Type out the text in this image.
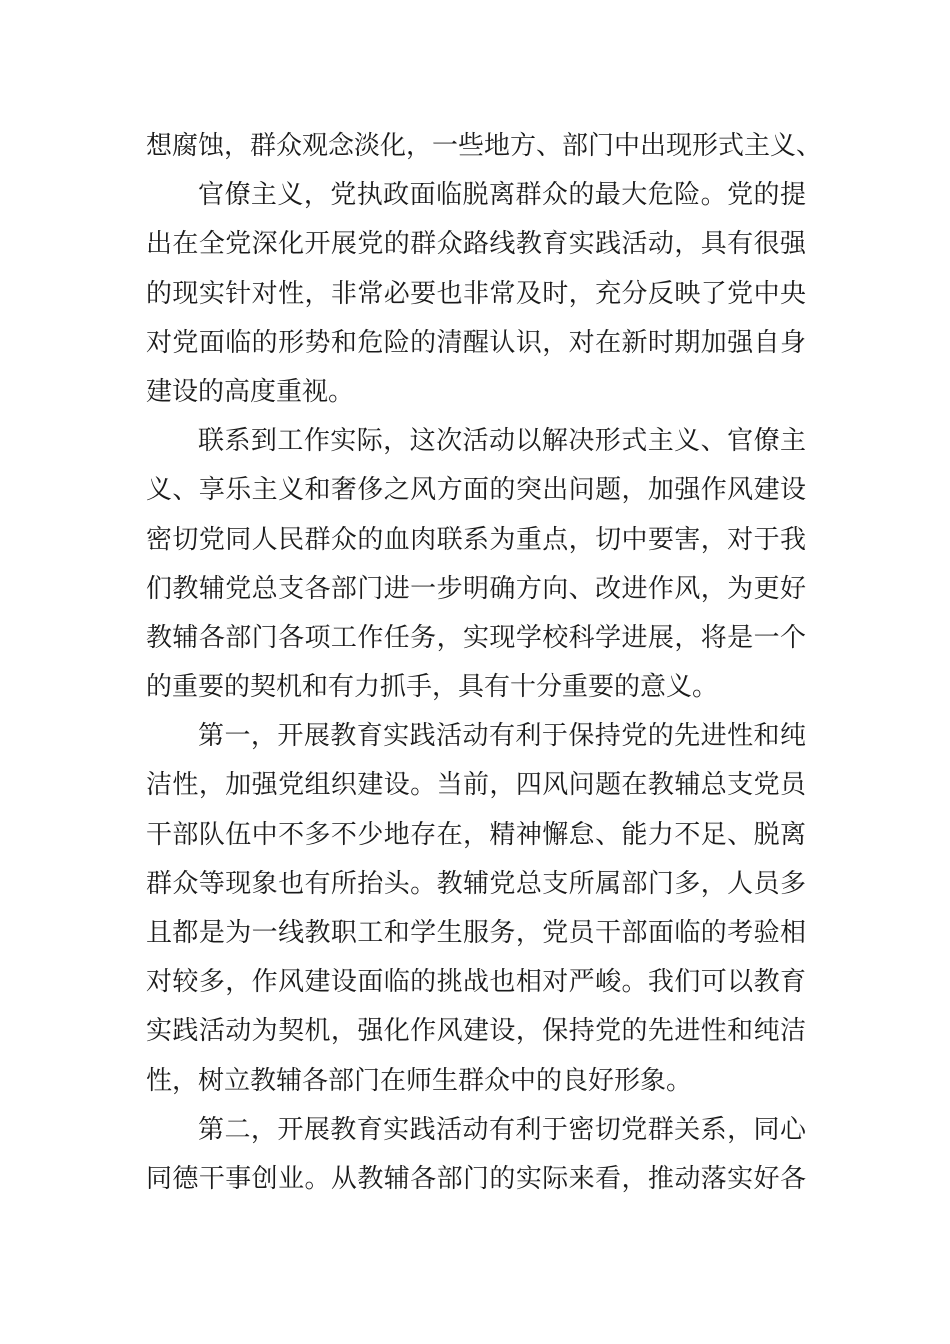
想腐蚀，群众观念淡化，一些地方、部门中出现形式主义、
官僚主义，党执政面临脱离群众的最大危险。党的提
出在全党深化开展党的群众路线教育实践活动，具有很强
的现实针对性，非常必要也非常及时，充分反映了党中央
对党面临的形势和危险的清醒认识，对在新时期加强自身
建设的高度重视。
联系到工作实际，这次活动以解决形式主义、官僚主
义、享乐主义和奢侈之风方面的突出问题，加强作风建设
密切党同人民群众的血肉联系为重点，切中要害，对于我
们教辅党总支各部门进一步明确方向、改进作风，为更好
教辅各部门各项工作任务，实现学校科学进展，将是一个
的重要的契机和有力抓手，具有十分重要的意义。
第一，开展教育实践活动有利于保持党的先进性和纯
洁性，加强党组织建设。当前，四风问题在教辅总支党员
干部队伍中不多不少地存在，精神懈怠、能力不足、脱离
群众等现象也有所抬头。教辅党总支所属部门多，人员多
且都是为一线教职工和学生服务，党员干部面临的考验相
对较多，作风建设面临的挑战也相对严峻。我们可以教育
实践活动为契机，强化作风建设，保持党的先进性和纯洁
性，树立教辅各部门在师生群众中的良好形象。
第二，开展教育实践活动有利于密切党群关系，同心
同德干事创业。从教辅各部门的实际来看，推动落实好各
